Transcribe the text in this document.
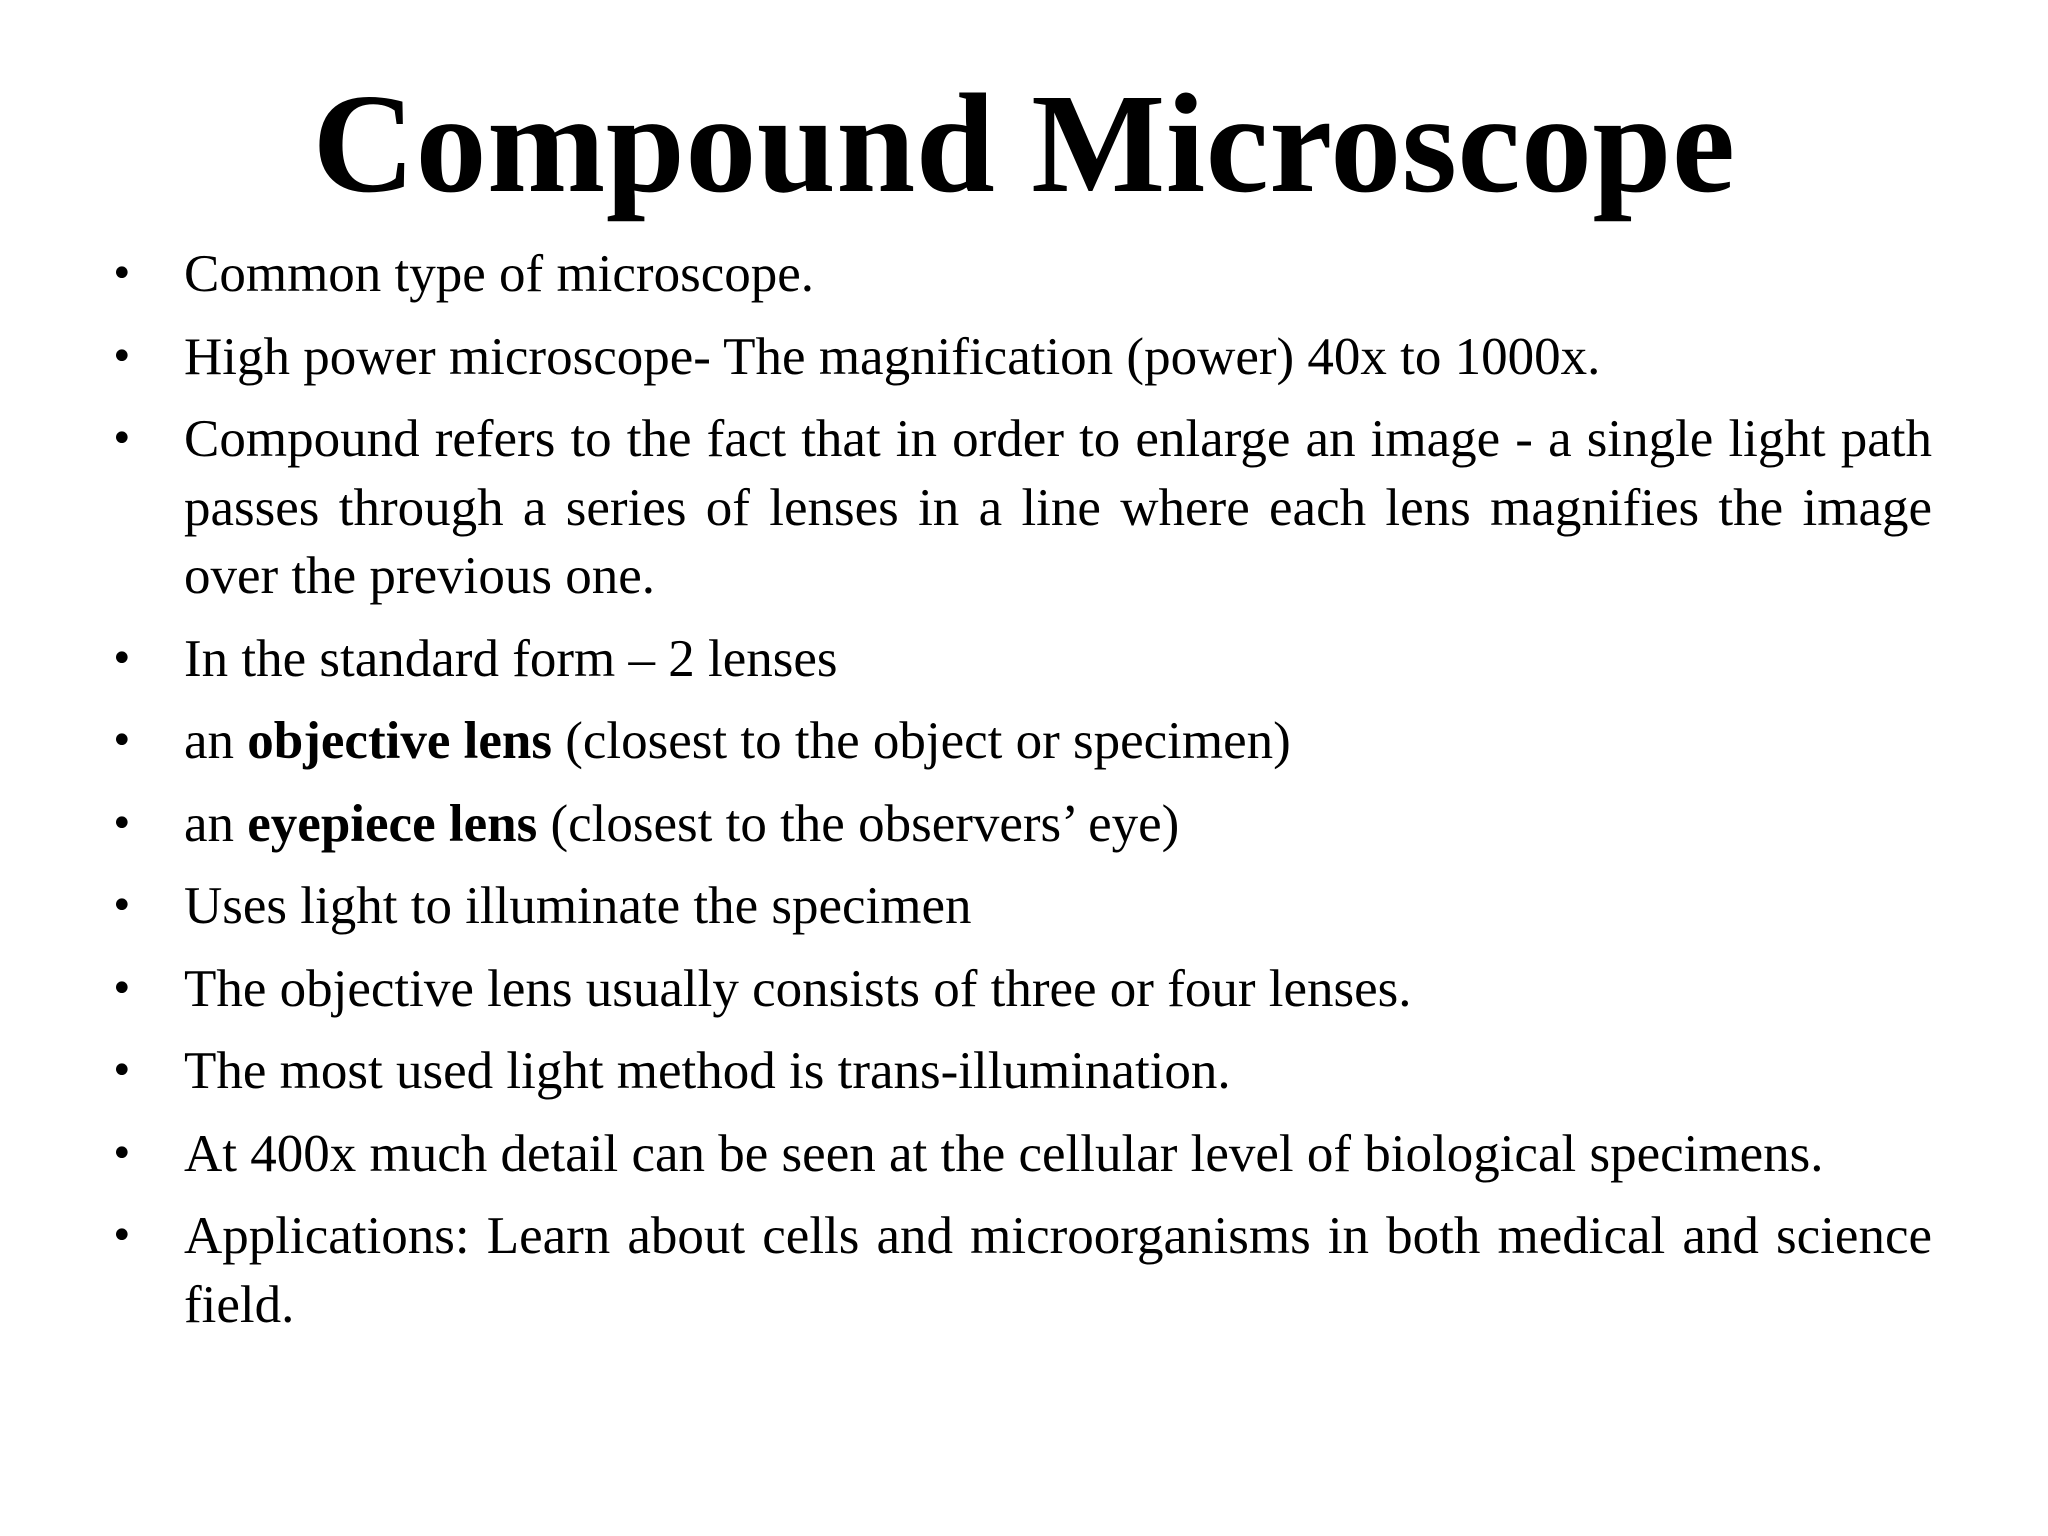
Compound Microscope
• Common type of microscope.
• High power microscope- The magnification (power) 40x to 1000x.
• Compound refers to the fact that in order to enlarge an image - a single light path passes through a series of lenses in a line where each lens magnifies the image over the previous one.
• In the standard form – 2 lenses
• an objective lens (closest to the object or specimen)
• an eyepiece lens (closest to the observers’ eye)
• Uses light to illuminate the specimen
• The objective lens usually consists of three or four lenses.
• The most used light method is trans-illumination.
• At 400x much detail can be seen at the cellular level of biological specimens.
• Applications: Learn about cells and microorganisms in both medical and science field.
